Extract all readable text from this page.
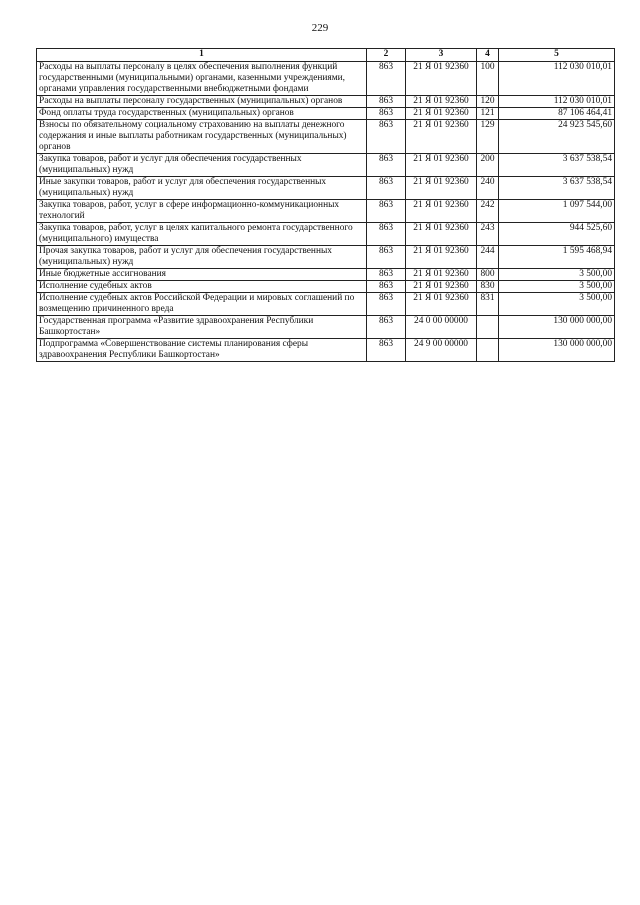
229
1	2	3	4	5
Расходы на выплаты персоналу в целях обеспечения выполнения функций государственными (муниципальными) органами, казенными учреждениями, органами управления государственными внебюджетными фондами	863	21 Я 01 92360	100	112 030 010,01
Расходы на выплаты персоналу государственных (муниципальных) органов	863	21 Я 01 92360	120	112 030 010,01
Фонд оплаты труда государственных (муниципальных) органов	863	21 Я 01 92360	121	87 106 464,41
Взносы по обязательному социальному страхованию на выплаты денежного содержания и иные выплаты работникам государственных (муниципальных) органов	863	21 Я 01 92360	129	24 923 545,60
Закупка товаров, работ и услуг для обеспечения государственных (муниципальных) нужд	863	21 Я 01 92360	200	3 637 538,54
Иные закупки товаров, работ и услуг для обеспечения государственных (муниципальных) нужд	863	21 Я 01 92360	240	3 637 538,54
Закупка товаров, работ, услуг в сфере информационно-коммуникационных технологий	863	21 Я 01 92360	242	1 097 544,00
Закупка товаров, работ, услуг в целях капитального ремонта государственного (муниципального) имущества	863	21 Я 01 92360	243	944 525,60
Прочая закупка товаров, работ и услуг для обеспечения государственных (муниципальных) нужд	863	21 Я 01 92360	244	1 595 468,94
Иные бюджетные ассигнования	863	21 Я 01 92360	800	3 500,00
Исполнение судебных актов	863	21 Я 01 92360	830	3 500,00
Исполнение судебных актов Российской Федерации и мировых соглашений по возмещению причиненного вреда	863	21 Я 01 92360	831	3 500,00
Государственная программа «Развитие здравоохранения Республики Башкортостан»	863	24 0 00 00000		130 000 000,00
Подпрограмма «Совершенствование системы планирования сферы здравоохранения Республики Башкортостан»	863	24 9 00 00000		130 000 000,00
